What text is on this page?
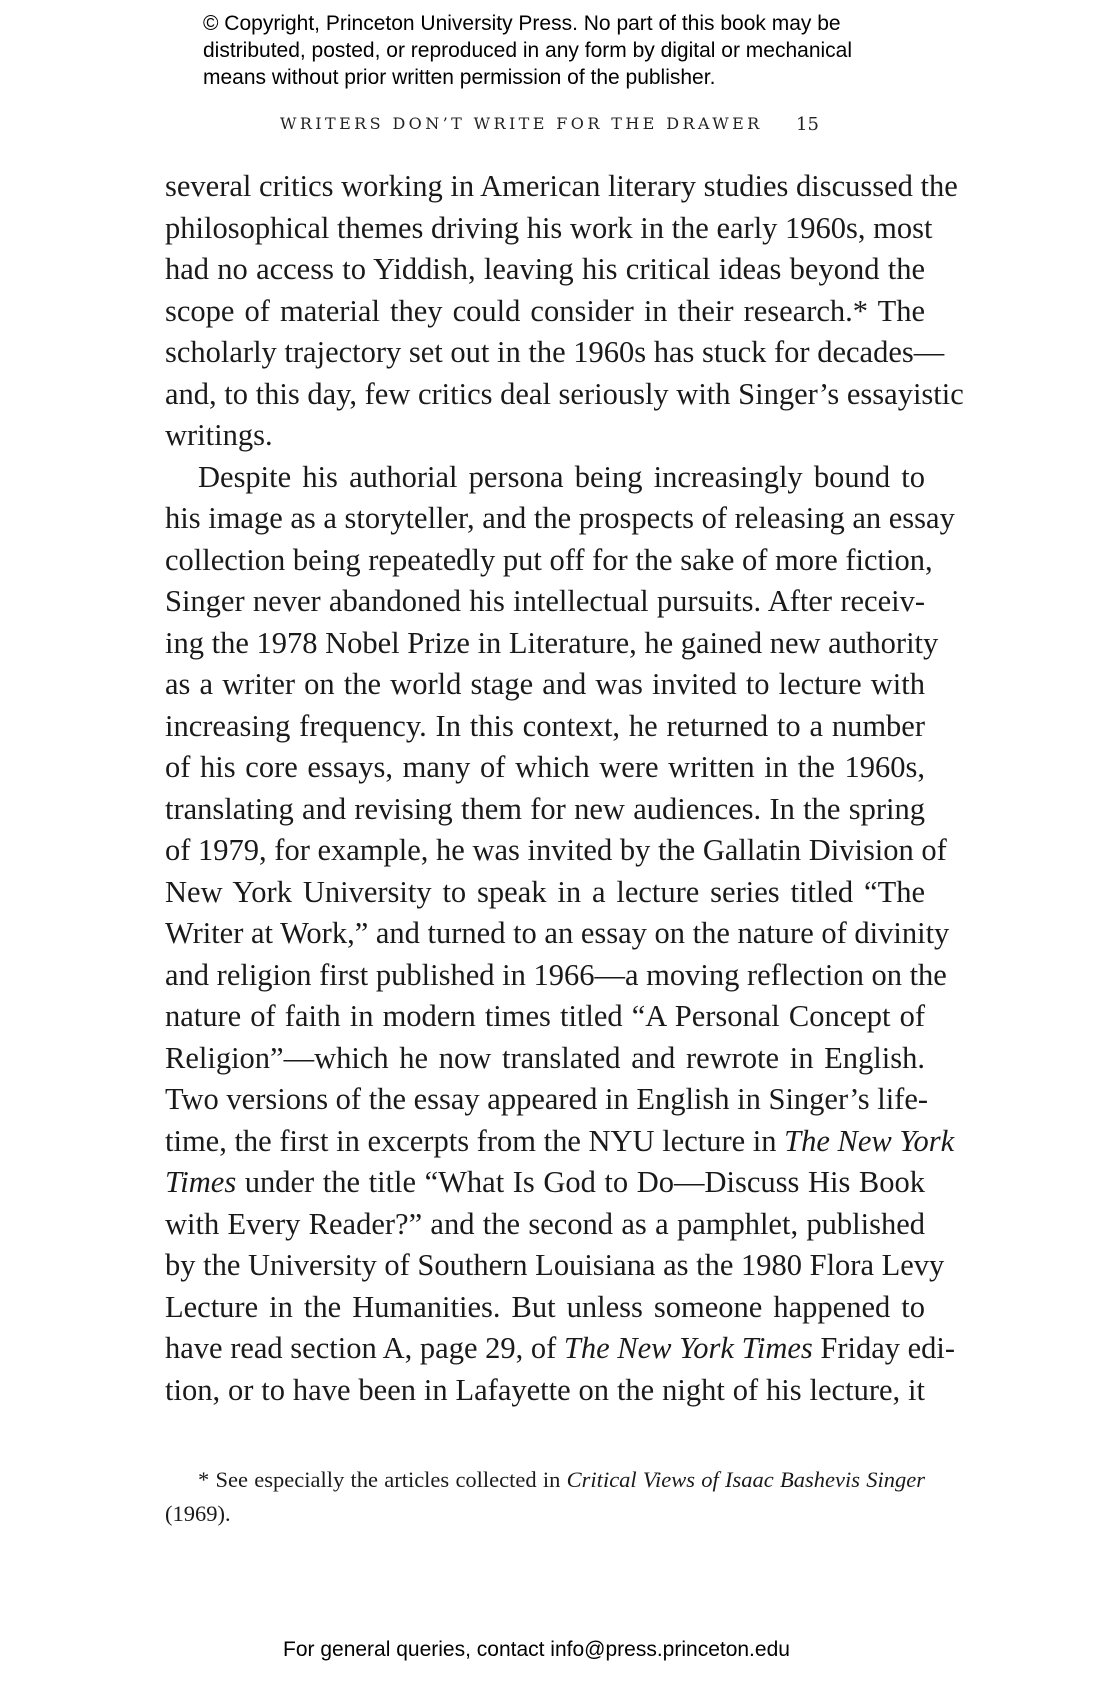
© Copyright, Princeton University Press. No part of this book may be
distributed, posted, or reproduced in any form by digital or mechanical
means without prior written permission of the publisher.
WRITERS DON’T WRITE FOR THE DRAWER 15
several critics working in American literary studies discussed the
philosophical themes driving his work in the early 1960s, most
had no access to Yiddish, leaving his critical ideas beyond the
scope of material they could consider in their research.* The
scholarly trajectory set out in the 1960s has stuck for decades—
and, to this day, few critics deal seriously with Singer’s essayistic
writings.
Despite his authorial persona being increasingly bound to
his image as a storyteller, and the prospects of releasing an essay
collection being repeatedly put off for the sake of more fiction,
Singer never abandoned his intellectual pursuits. After receiv-
ing the 1978 Nobel Prize in Literature, he gained new authority
as a writer on the world stage and was invited to lecture with
increasing frequency. In this context, he returned to a number
of his core essays, many of which were written in the 1960s,
translating and revising them for new audiences. In the spring
of 1979, for example, he was invited by the Gallatin Division of
New York University to speak in a lecture series titled “The
Writer at Work,” and turned to an essay on the nature of divinity
and religion first published in 1966—a moving reflection on the
nature of faith in modern times titled “A Personal Concept of
Religion”—which he now translated and rewrote in English.
Two versions of the essay appeared in English in Singer’s life-
time, the first in excerpts from the NYU lecture in The New York
Times under the title “What Is God to Do—Discuss His Book
with Every Reader?” and the second as a pamphlet, published
by the University of Southern Louisiana as the 1980 Flora Levy
Lecture in the Humanities. But unless someone happened to
have read section A, page 29, of The New York Times Friday edi-
tion, or to have been in Lafayette on the night of his lecture, it
* See especially the articles collected in Critical Views of Isaac Bashevis Singer
(1969).
For general queries, contact info@press.princeton.edu
